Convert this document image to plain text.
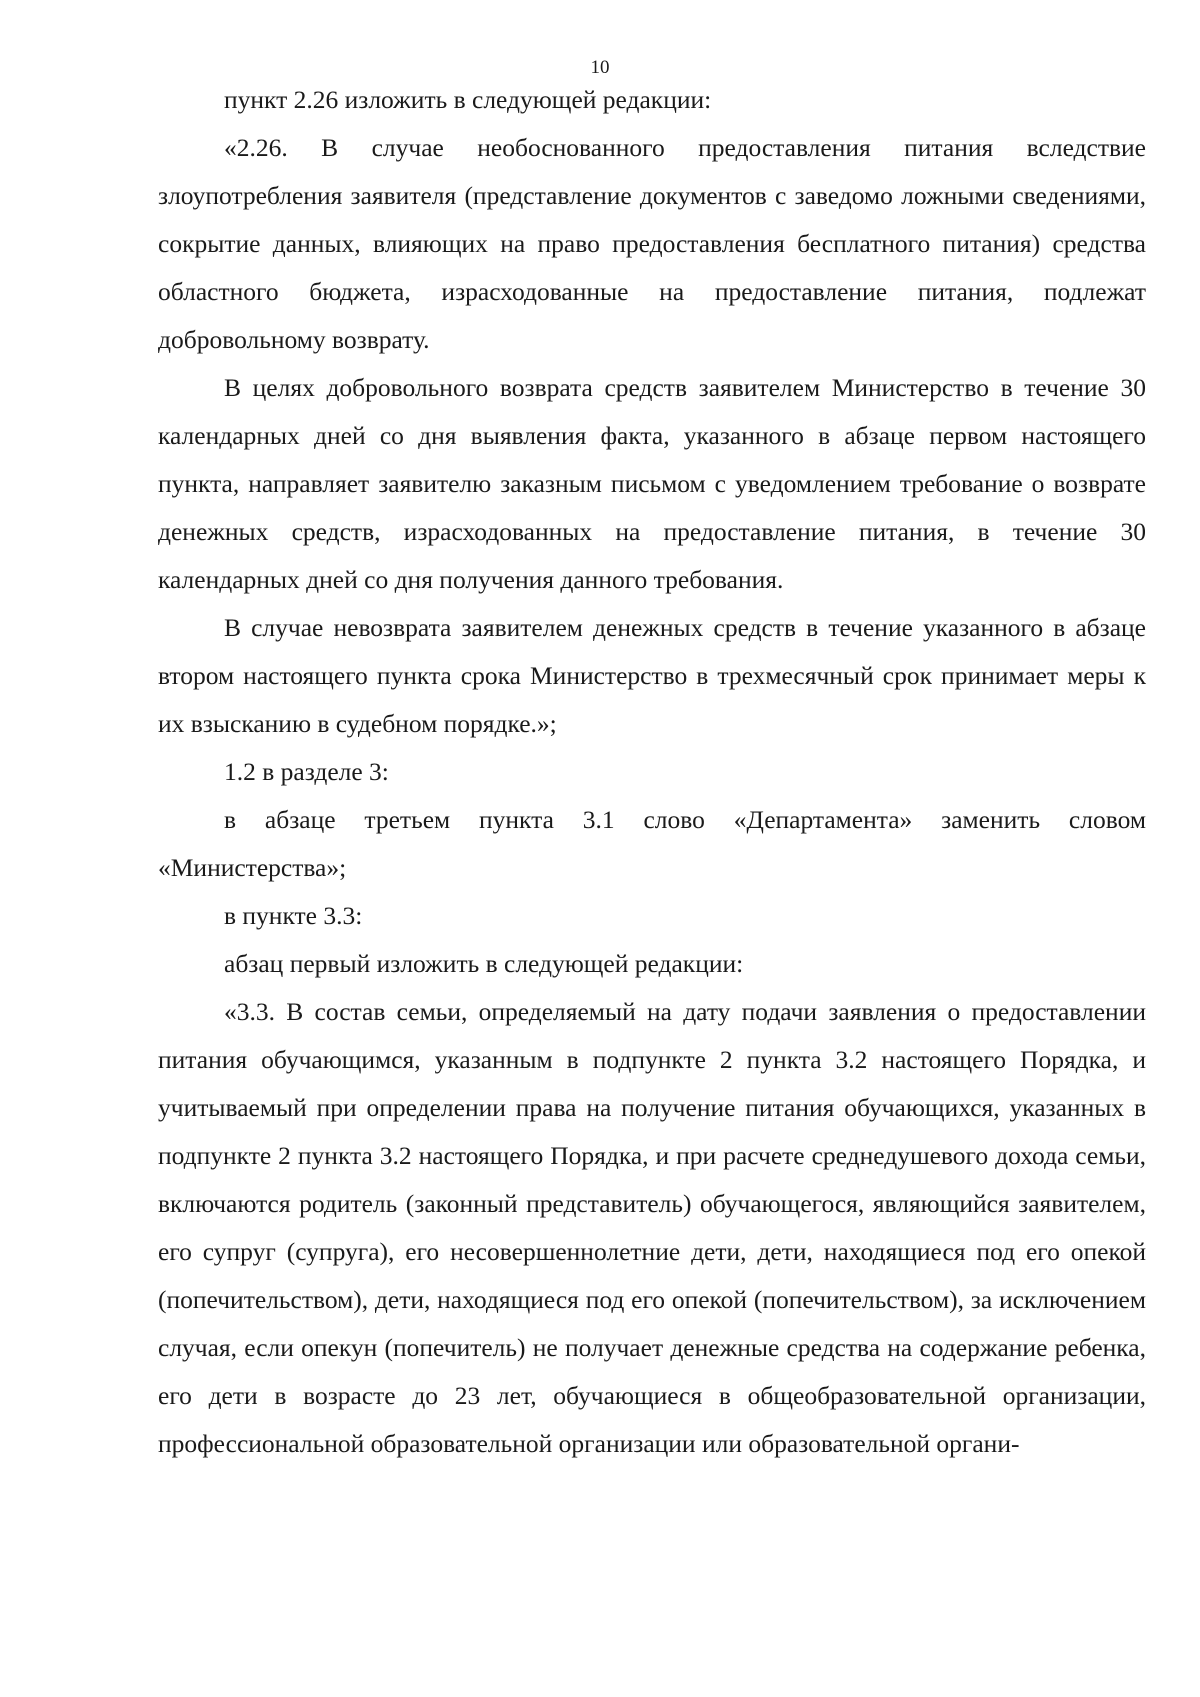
10

пункт 2.26 изложить в следующей редакции:

«2.26. В случае необоснованного предоставления питания вследствие злоупотребления заявителя (представление документов с заведомо ложными сведениями, сокрытие данных, влияющих на право предоставления бесплатного питания) средства областного бюджета, израсходованные на предоставление питания, подлежат добровольному возврату.

В целях добровольного возврата средств заявителем Министерство в течение 30 календарных дней со дня выявления факта, указанного в абзаце первом настоящего пункта, направляет заявителю заказным письмом с уведомлением требование о возврате денежных средств, израсходованных на предоставление питания, в течение 30 календарных дней со дня получения данного требования.

В случае невозврата заявителем денежных средств в течение указанного в абзаце втором настоящего пункта срока Министерство в трехмесячный срок принимает меры к их взысканию в судебном порядке.»;

1.2 в разделе 3:

в абзаце третьем пункта 3.1 слово «Департамента» заменить словом «Министерства»;

в пункте 3.3:

абзац первый изложить в следующей редакции:

«3.3. В состав семьи, определяемый на дату подачи заявления о предоставлении питания обучающимся, указанным в подпункте 2 пункта 3.2 настоящего Порядка, и учитываемый при определении права на получение питания обучающихся, указанных в подпункте 2 пункта 3.2 настоящего Порядка, и при расчете среднедушевого дохода семьи, включаются родитель (законный представитель) обучающегося, являющийся заявителем, его супруг (супруга), его несовершеннолетние дети, дети, находящиеся под его опекой (попечительством), дети, находящиеся под его опекой (попечительством), за исключением случая, если опекун (попечитель) не получает денежные средства на содержание ребенка, его дети в возрасте до 23 лет, обучающиеся в общеобразовательной организации, профессиональной образовательной организации или образовательной органи-
